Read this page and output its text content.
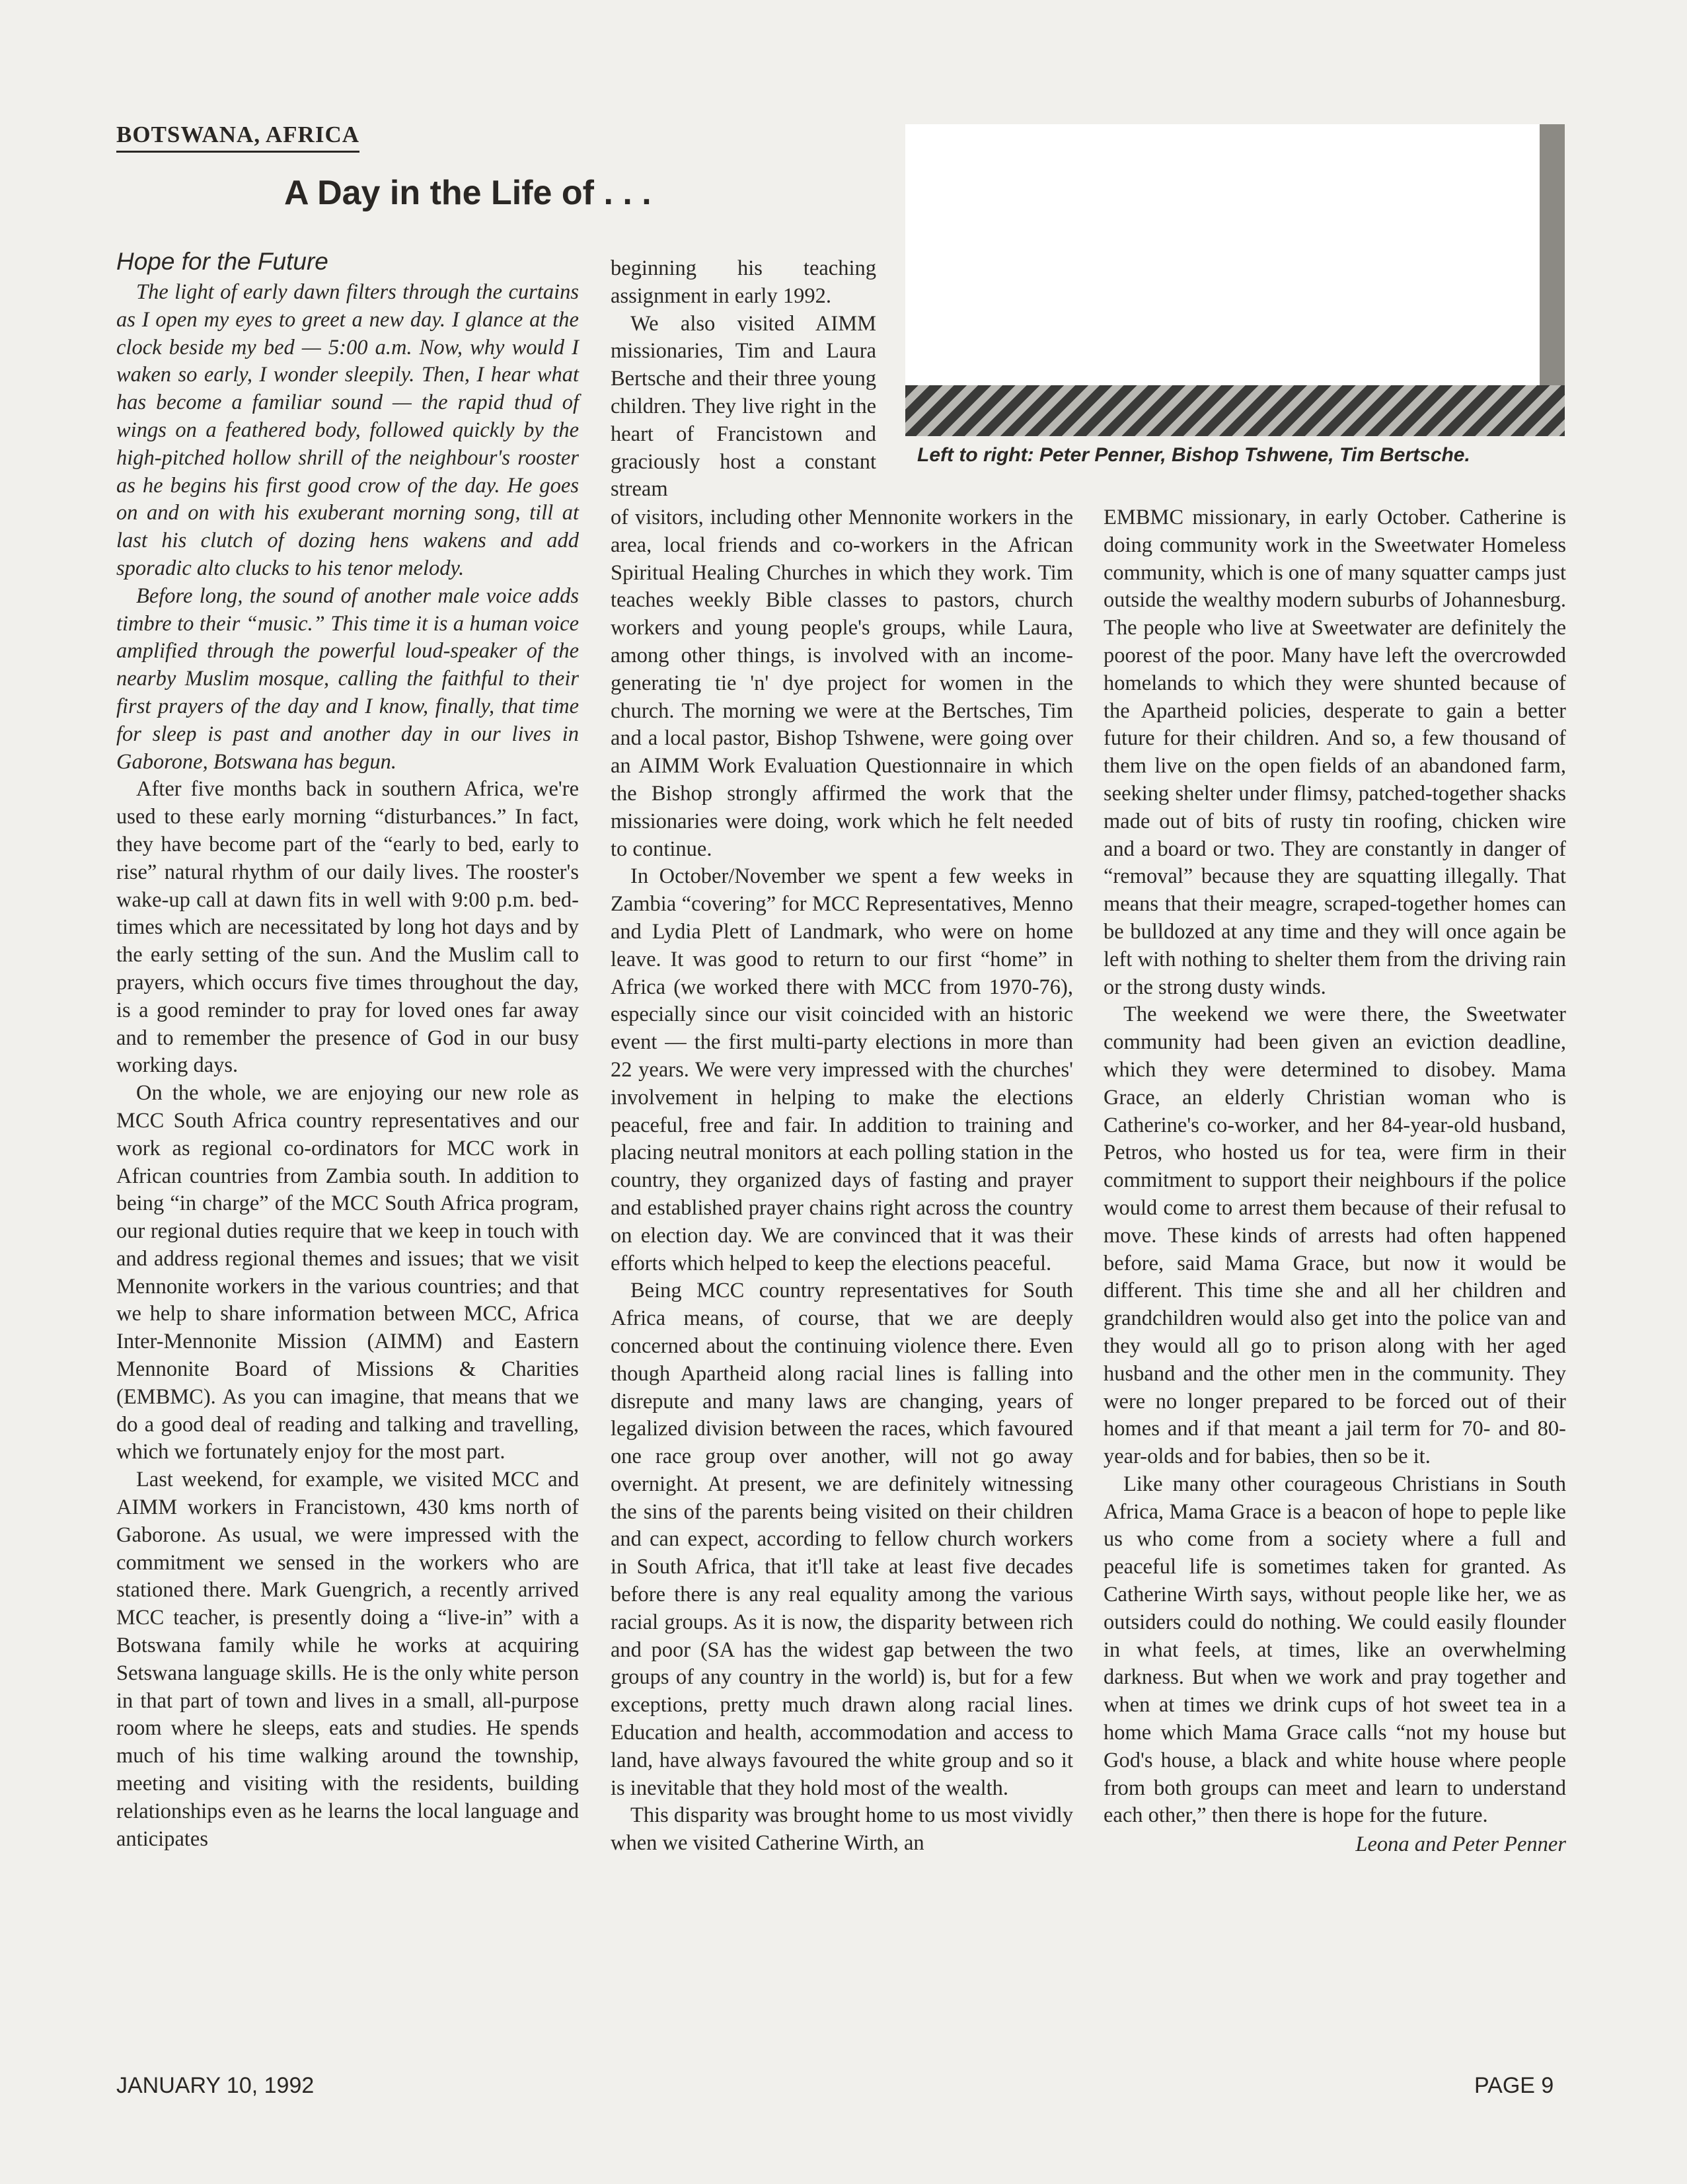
BOTSWANA, AFRICA
A Day in the Life of . . .
Left to right: Peter Penner, Bishop Tshwene, Tim Bertsche.
Hope for the Future

The light of early dawn filters through the curtains as I open my eyes to greet a new day. I glance at the clock beside my bed — 5:00 a.m. Now, why would I waken so early, I wonder sleepily. Then, I hear what has become a familiar sound — the rapid thud of wings on a feathered body, followed quickly by the high-pitched hollow shrill of the neighbour's rooster as he begins his first good crow of the day. He goes on and on with his exuberant morning song, till at last his clutch of dozing hens wakens and add sporadic alto clucks to his tenor melody.

Before long, the sound of another male voice adds timbre to their “music.” This time it is a human voice amplified through the powerful loud-speaker of the nearby Muslim mosque, calling the faithful to their first prayers of the day and I know, finally, that time for sleep is past and another day in our lives in Gaborone, Botswana has begun.

After five months back in southern Africa, we're used to these early morning “disturbances.” In fact, they have become part of the “early to bed, early to rise” natural rhythm of our daily lives. The rooster's wake-up call at dawn fits in well with 9:00 p.m. bed-times which are necessitated by long hot days and by the early setting of the sun. And the Muslim call to prayers, which occurs five times throughout the day, is a good reminder to pray for loved ones far away and to remember the presence of God in our busy working days.

On the whole, we are enjoying our new role as MCC South Africa country representatives and our work as regional co-ordinators for MCC work in African countries from Zambia south. In addition to being “in charge” of the MCC South Africa program, our regional duties require that we keep in touch with and address regional themes and issues; that we visit Mennonite workers in the various countries; and that we help to share information between MCC, Africa Inter-Mennonite Mission (AIMM) and Eastern Mennonite Board of Missions & Charities (EMBMC). As you can imagine, that means that we do a good deal of reading and talking and travelling, which we fortunately enjoy for the most part.

Last weekend, for example, we visited MCC and AIMM workers in Francistown, 430 kms north of Gaborone. As usual, we were impressed with the commitment we sensed in the workers who are stationed there. Mark Guengrich, a recently arrived MCC teacher, is presently doing a “live-in” with a Botswana family while he works at acquiring Setswana language skills. He is the only white person in that part of town and lives in a small, all-purpose room where he sleeps, eats and studies. He spends much of his time walking around the township, meeting and visiting with the residents, building relationships even as he learns the local language and anticipates

beginning his teaching assignment in early 1992.

We also visited AIMM missionaries, Tim and Laura Bertsche and their three young children. They live right in the heart of Francistown and graciously host a constant stream

of visitors, including other Mennonite workers in the area, local friends and co-workers in the African Spiritual Healing Churches in which they work. Tim teaches weekly Bible classes to pastors, church workers and young people's groups, while Laura, among other things, is involved with an income-generating tie 'n' dye project for women in the church. The morning we were at the Bertsches, Tim and a local pastor, Bishop Tshwene, were going over an AIMM Work Evaluation Questionnaire in which the Bishop strongly affirmed the work that the missionaries were doing, work which he felt needed to continue.

In October/November we spent a few weeks in Zambia “covering” for MCC Representatives, Menno and Lydia Plett of Landmark, who were on home leave. It was good to return to our first “home” in Africa (we worked there with MCC from 1970-76), especially since our visit coincided with an historic event — the first multi-party elections in more than 22 years. We were very impressed with the churches' involvement in helping to make the elections peaceful, free and fair. In addition to training and placing neutral monitors at each polling station in the country, they organized days of fasting and prayer and established prayer chains right across the country on election day. We are convinced that it was their efforts which helped to keep the elections peaceful.

Being MCC country representatives for South Africa means, of course, that we are deeply concerned about the continuing violence there. Even though Apartheid along racial lines is falling into disrepute and many laws are changing, years of legalized division between the races, which favoured one race group over another, will not go away overnight. At present, we are definitely witnessing the sins of the parents being visited on their children and can expect, according to fellow church workers in South Africa, that it'll take at least five decades before there is any real equality among the various racial groups. As it is now, the disparity between rich and poor (SA has the widest gap between the two groups of any country in the world) is, but for a few exceptions, pretty much drawn along racial lines. Education and health, accommodation and access to land, have always favoured the white group and so it is inevitable that they hold most of the wealth.

This disparity was brought home to us most vividly when we visited Catherine Wirth, an

EMBMC missionary, in early October. Catherine is doing community work in the Sweetwater Homeless community, which is one of many squatter camps just outside the wealthy modern suburbs of Johannesburg. The people who live at Sweetwater are definitely the poorest of the poor. Many have left the overcrowded homelands to which they were shunted because of the Apartheid policies, desperate to gain a better future for their children. And so, a few thousand of them live on the open fields of an abandoned farm, seeking shelter under flimsy, patched-together shacks made out of bits of rusty tin roofing, chicken wire and a board or two. They are constantly in danger of “removal” because they are squatting illegally. That means that their meagre, scraped-together homes can be bulldozed at any time and they will once again be left with nothing to shelter them from the driving rain or the strong dusty winds.

The weekend we were there, the Sweetwater community had been given an eviction deadline, which they were determined to disobey. Mama Grace, an elderly Christian woman who is Catherine's co-worker, and her 84-year-old husband, Petros, who hosted us for tea, were firm in their commitment to support their neighbours if the police would come to arrest them because of their refusal to move. These kinds of arrests had often happened before, said Mama Grace, but now it would be different. This time she and all her children and grandchildren would also get into the police van and they would all go to prison along with her aged husband and the other men in the community. They were no longer prepared to be forced out of their homes and if that meant a jail term for 70- and 80-year-olds and for babies, then so be it.

Like many other courageous Christians in South Africa, Mama Grace is a beacon of hope to peple like us who come from a society where a full and peaceful life is sometimes taken for granted. As Catherine Wirth says, without people like her, we as outsiders could do nothing. We could easily flounder in what feels, at times, like an overwhelming darkness. But when we work and pray together and when at times we drink cups of hot sweet tea in a home which Mama Grace calls “not my house but God's house, a black and white house where people from both groups can meet and learn to understand each other,” then there is hope for the future.

Leona and Peter Penner
JANUARY 10, 1992	PAGE 9
